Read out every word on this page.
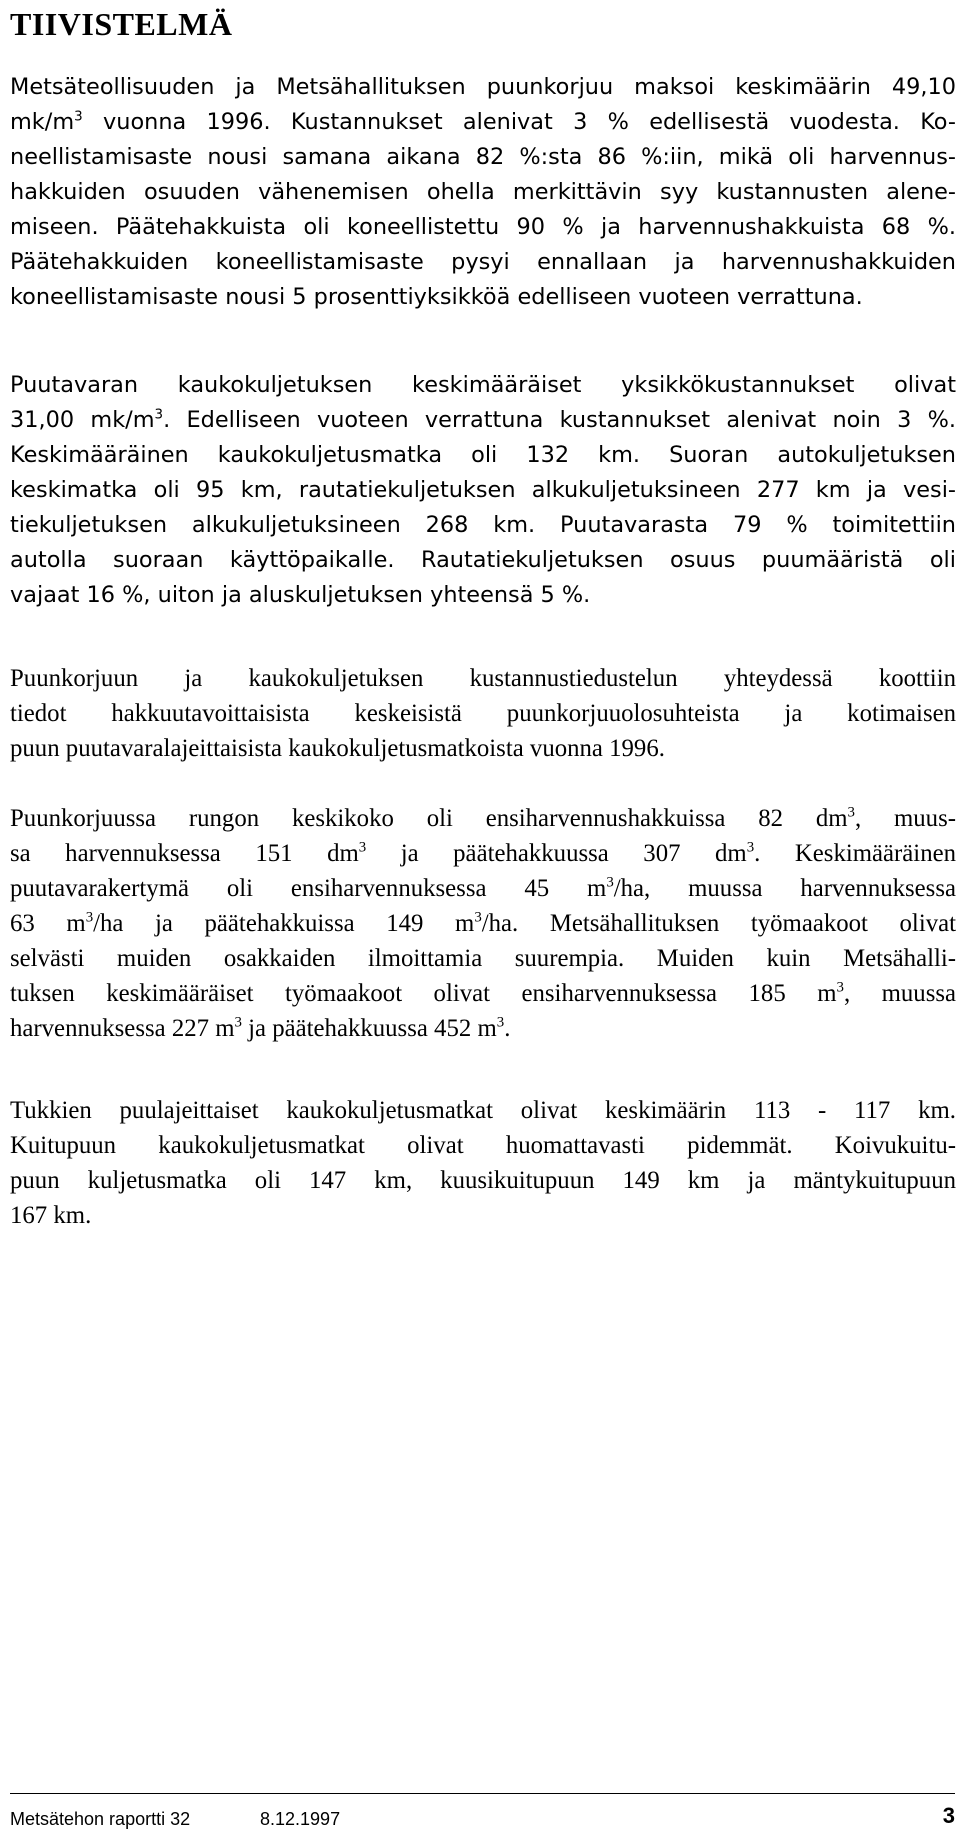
TIIVISTELMÄ
Metsäteollisuuden ja Metsähallituksen puunkorjuu maksoi keskimäärin 49,10
$mk/m^3$ vuonna 1996. Kustannukset alenivat 3 % edellisestä vuodesta. Ko-
neellistamisaste nousi samana aikana 82 %:sta 86 %:iin, mikä oli harvennus-
hakkuiden osuuden vähenemisen ohella merkittävin syy kustannusten alene-
miseen. Päätehakkuista oli koneellistettu 90 % ja harvennushakkuista 68 %.
Päätehakkuiden koneellistamisaste pysyi ennallaan ja harvennushakkuiden
koneellistamisaste nousi 5 prosenttiyksikköä edelliseen vuoteen verrattuna.
Puutavaran kaukokuljetuksen keskimääräiset yksikkökustannukset olivat
31,00 $mk/m^3$. Edelliseen vuoteen verrattuna kustannukset alenivat noin 3 %.
Keskimääräinen kaukokuljetusmatka oli 132 km. Suoran autokuljetuksen
keskimatka oli 95 km, rautatiekuljetuksen alkukuljetuksineen 277 km ja vesi-
tiekuljetuksen alkukuljetuksineen 268 km. Puutavarasta 79 % toimitettiin
autolla suoraan käyttöpaikalle. Rautatiekuljetuksen osuus puumääristä oli
vajaat 16 %, uiton ja aluskuljetuksen yhteensä 5 %.
Puunkorjuun ja kaukokuljetuksen kustannustiedustelun yhteydessä koottiin
tiedot hakkuutavoittaisista keskeisistä puunkorjuuolosuhteista ja kotimaisen
puun puutavaralajeittaisista kaukokuljetusmatkoista vuonna 1996.
Puunkorjuussa rungon keskikoko oli ensiharvennushakkuissa 82 $dm^3$, muus-
sa harvennuksessa 151 $dm^3$ ja päätehakkuussa 307 $dm^3$. Keskimääräinen
puutavarakertymä oli ensiharvennuksessa 45 $m^3/ha$, muussa harvennuksessa
63 $m^3/ha$ ja päätehakkuissa 149 $m^3/ha$. Metsähallituksen työmaakoot olivat
selvästi muiden osakkaiden ilmoittamia suurempia. Muiden kuin Metsähalli-
tuksen keskimääräiset työmaakoot olivat ensiharvennuksessa 185 $m^3$, muussa
harvennuksessa 227 $m^3$ ja päätehakkuussa 452 $m^3$.
Tukkien puulajeittaiset kaukokuljetusmatkat olivat keskimäärin 113 - 117 km.
Kuitupuun kaukokuljetusmatkat olivat huomattavasti pidemmät. Koivukuitu-
puun kuljetusmatka oli 147 km, kuusikuitupuun 149 km ja mäntykuitupuun
167 km.
Metsätehon raportti 32	8.12.1997	3
